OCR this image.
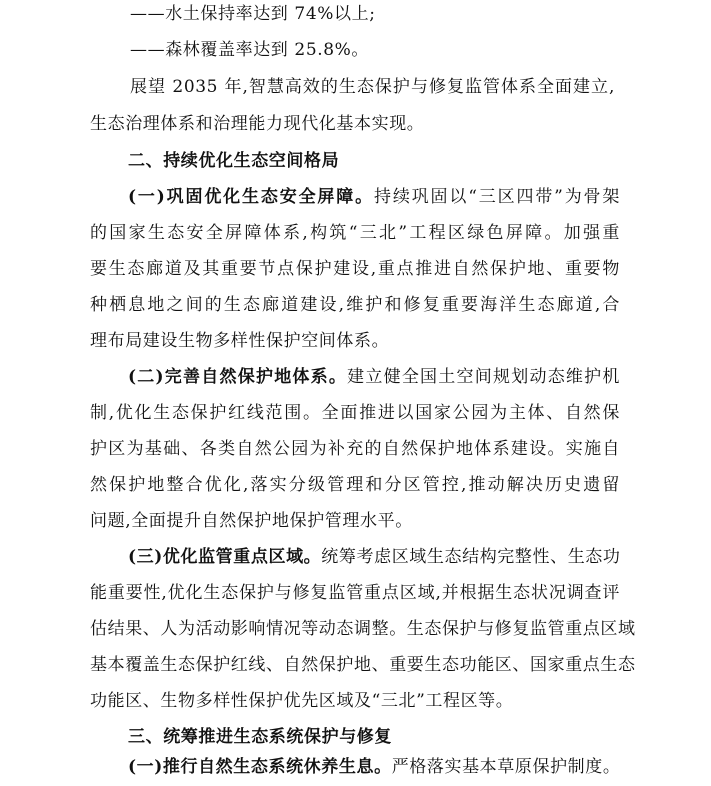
——水土保持率达到 74%以上;
——森林覆盖率达到 25.8%。
展望 2035 年,智慧高效的生态保护与修复监管体系全面建立,
生态治理体系和治理能力现代化基本实现。
二、持续优化生态空间格局
(一)巩固优化生态安全屏障。持续巩固以“三区四带”为骨架
的国家生态安全屏障体系,构筑“三北”工程区绿色屏障。加强重
要生态廊道及其重要节点保护建设,重点推进自然保护地、重要物
种栖息地之间的生态廊道建设,维护和修复重要海洋生态廊道,合
理布局建设生物多样性保护空间体系。
(二)完善自然保护地体系。建立健全国土空间规划动态维护机
制,优化生态保护红线范围。全面推进以国家公园为主体、自然保
护区为基础、各类自然公园为补充的自然保护地体系建设。实施自
然保护地整合优化,落实分级管理和分区管控,推动解决历史遗留
问题,全面提升自然保护地保护管理水平。
(三)优化监管重点区域。统筹考虑区域生态结构完整性、生态功
能重要性,优化生态保护与修复监管重点区域,并根据生态状况调查评
估结果、人为活动影响情况等动态调整。生态保护与修复监管重点区域
基本覆盖生态保护红线、自然保护地、重要生态功能区、国家重点生态
功能区、生物多样性保护优先区域及“三北”工程区等。
三、统筹推进生态系统保护与修复
(一)推行自然生态系统休养生息。严格落实基本草原保护制度。
